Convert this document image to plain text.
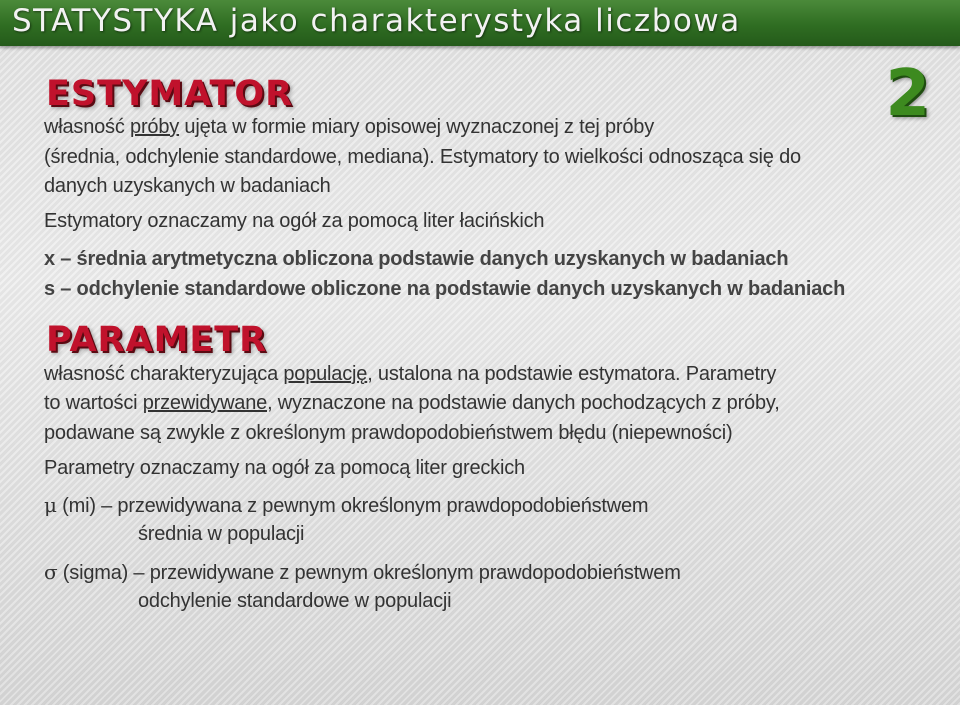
STATYSTYKA jako charakterystyka liczbowa
2
ESTYMATOR
własność próby ujęta w formie miary opisowej wyznaczonej z tej próby
(średnia, odchylenie standardowe, mediana). Estymatory to wielkości odnosząca się do
danych uzyskanych w badaniach
Estymatory oznaczamy na ogół za pomocą liter łacińskich
x – średnia arytmetyczna obliczona podstawie danych uzyskanych w badaniach
s – odchylenie standardowe obliczone na podstawie danych uzyskanych w badaniach
PARAMETR
własność charakteryzująca populację, ustalona na podstawie estymatora. Parametry
to wartości przewidywane, wyznaczone na podstawie danych pochodzących z próby,
podawane są zwykle z określonym prawdopodobieństwem błędu (niepewności)
Parametry oznaczamy na ogół za pomocą liter greckich
μ (mi) – przewidywana z pewnym określonym prawdopodobieństwem
średnia w populacji
σ (sigma) – przewidywane z pewnym określonym prawdopodobieństwem
odchylenie standardowe w populacji
